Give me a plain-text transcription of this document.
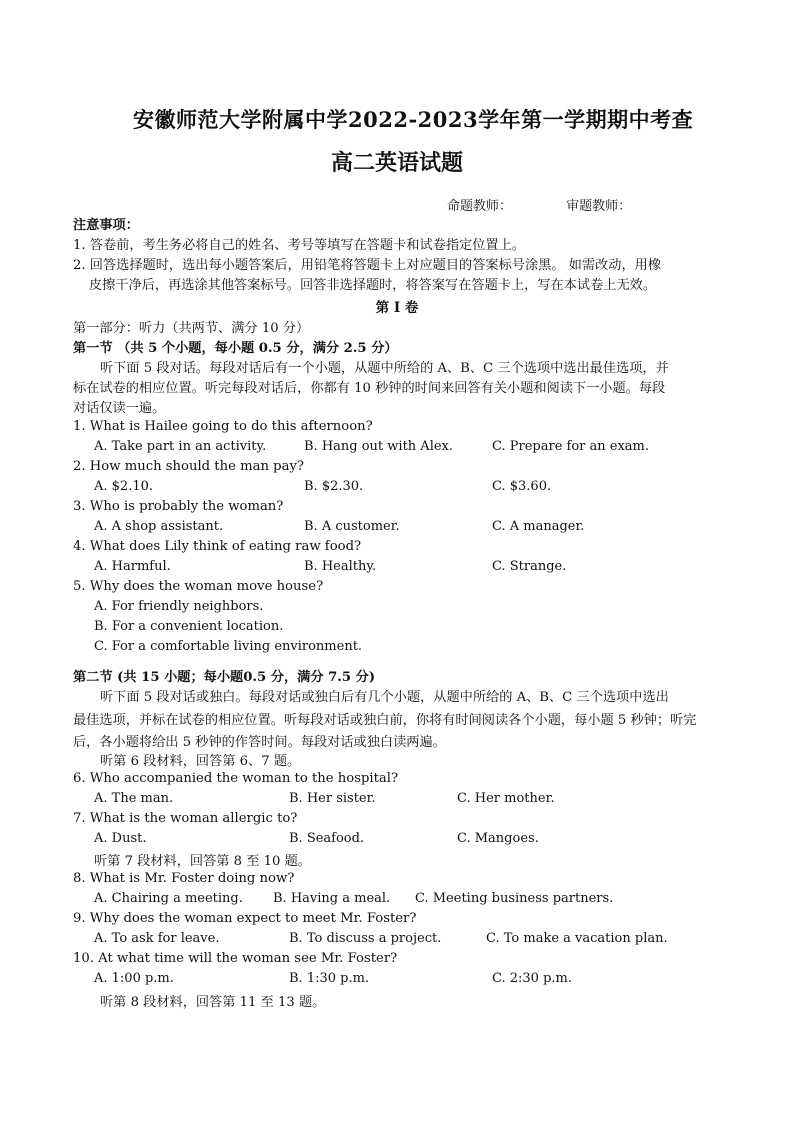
安徽师范大学附属中学2022-2023学年第一学期期中考查
高二英语试题
命题教师：	审题教师：
注意事项：
1. 答卷前，考生务必将自己的姓名、考号等填写在答题卡和试卷指定位置上。
2. 回答选择题时，选出每小题答案后，用铅笔将答题卡上对应题目的答案标号涂黑。 如需改动，用橡
皮擦干净后，再选涂其他答案标号。回答非选择题时，将答案写在答题卡上，写在本试卷上无效。
第 I 卷
第一部分：听力（共两节、满分 10 分）
第一节 （共 5 个小题，每小题 0.5 分，满分 2.5 分）
听下面 5 段对话。每段对话后有一个小题，从题中所给的 A、B、C 三个选项中选出最佳选项，并
标在试卷的相应位置。听完每段对话后，你都有 10 秒钟的时间来回答有关小题和阅读下一小题。每段
对话仅读一遍。
1. What is Hailee going to do this afternoon?
A. Take part in an activity.	B. Hang out with Alex.	C. Prepare for an exam.
2. How much should the man pay?
A. $2.10.	B. $2.30.	C. $3.60.
3. Who is probably the woman?
A. A shop assistant.	B. A customer.	C. A manager.
4. What does Lily think of eating raw food?
A. Harmful.	B. Healthy.	C. Strange.
5. Why does the woman move house?
A. For friendly neighbors.
B. For a convenient location.
C. For a comfortable living environment.
第二节 (共 15 小题；每小题0.5 分，满分 7.5 分)
听下面 5 段对话或独白。每段对话或独白后有几个小题，从题中所给的 A、B、C 三个选项中选出
最佳选项，并标在试卷的相应位置。听每段对话或独白前，你将有时间阅读各个小题，每小题 5 秒钟；听完
后，各小题将给出 5 秒钟的作答时间。每段对话或独白读两遍。
听第 6 段材料，回答第 6、7 题。
6. Who accompanied the woman to the hospital?
A. The man.	B. Her sister.	C. Her mother.
7. What is the woman allergic to?
A. Dust.	B. Seafood.	C. Mangoes.
听第 7 段材料，回答第 8 至 10 题。
8. What is Mr. Foster doing now?
A. Chairing a meeting. B. Having a meal. C. Meeting business partners.
9. Why does the woman expect to meet Mr. Foster?
A. To ask for leave.	B. To discuss a project.	C. To make a vacation plan.
10. At what time will the woman see Mr. Foster?
A. 1:00 p.m.	B. 1:30 p.m.	C. 2:30 p.m.
听第 8 段材料，回答第 11 至 13 题。
